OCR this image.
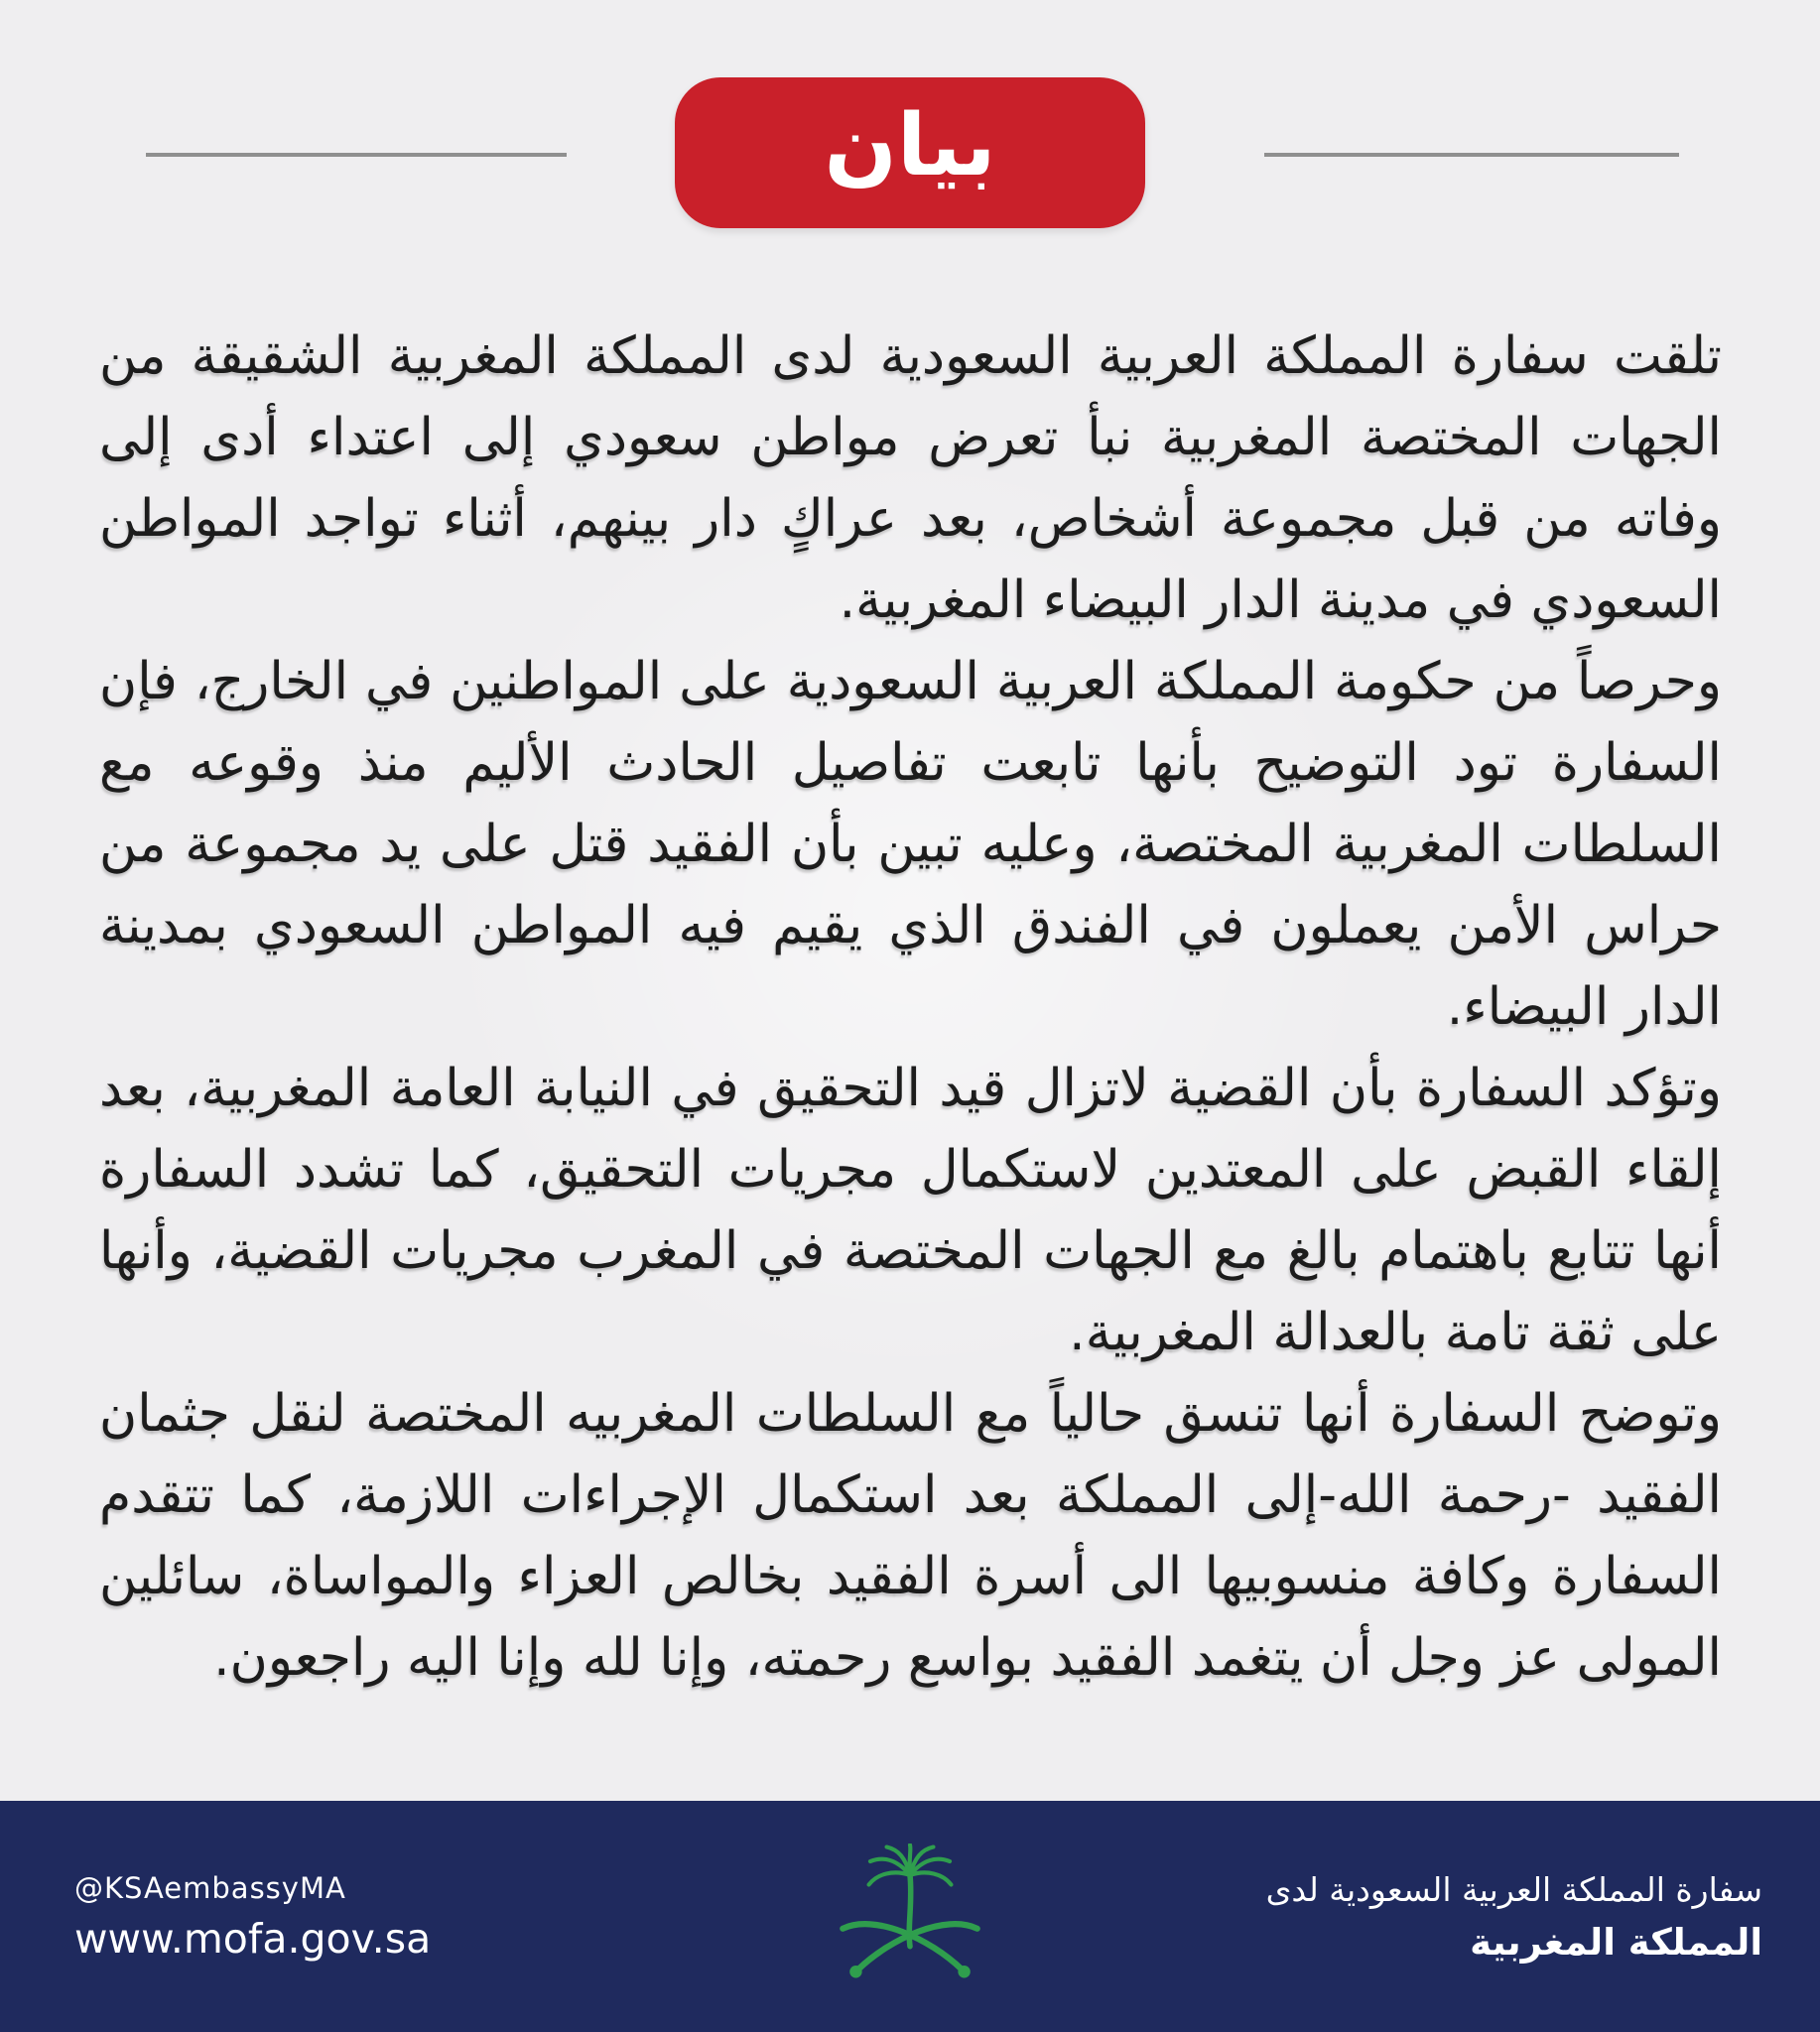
بيان

تلقت سفارة المملكة العربية السعودية لدى المملكة المغربية الشقيقة من الجهات المختصة المغربية نبأ تعرض مواطن سعودي إلى اعتداء أدى إلى وفاته من قبل مجموعة أشخاص، بعد عراكٍ دار بينهم، أثناء تواجد المواطن السعودي في مدينة الدار البيضاء المغربية.

وحرصاً من حكومة المملكة العربية السعودية على المواطنين في الخارج، فإن السفارة تود التوضيح بأنها تابعت تفاصيل الحادث الأليم منذ وقوعه مع السلطات المغربية المختصة، وعليه تبين بأن الفقيد قتل على يد مجموعة من حراس الأمن يعملون في الفندق الذي يقيم فيه المواطن السعودي بمدينة الدار البيضاء.

وتؤكد السفارة بأن القضية لاتزال قيد التحقيق في النيابة العامة المغربية، بعد إلقاء القبض على المعتدين لاستكمال مجريات التحقيق، كما تشدد السفارة أنها تتابع باهتمام بالغ مع الجهات المختصة في المغرب مجريات القضية، وأنها على ثقة تامة بالعدالة المغربية.

وتوضح السفارة أنها تنسق حالياً مع السلطات المغربيه المختصة لنقل جثمان الفقيد -رحمة الله-إلى المملكة بعد استكمال الإجراءات اللازمة، كما تتقدم السفارة وكافة منسوبيها الى أسرة الفقيد بخالص العزاء والمواساة، سائلين المولى عز وجل أن يتغمد الفقيد بواسع رحمته، وإنا لله وإنا اليه راجعون.

@KSAembassyMA
www.mofa.gov.sa
سفارة المملكة العربية السعودية لدى
المملكة المغربية
